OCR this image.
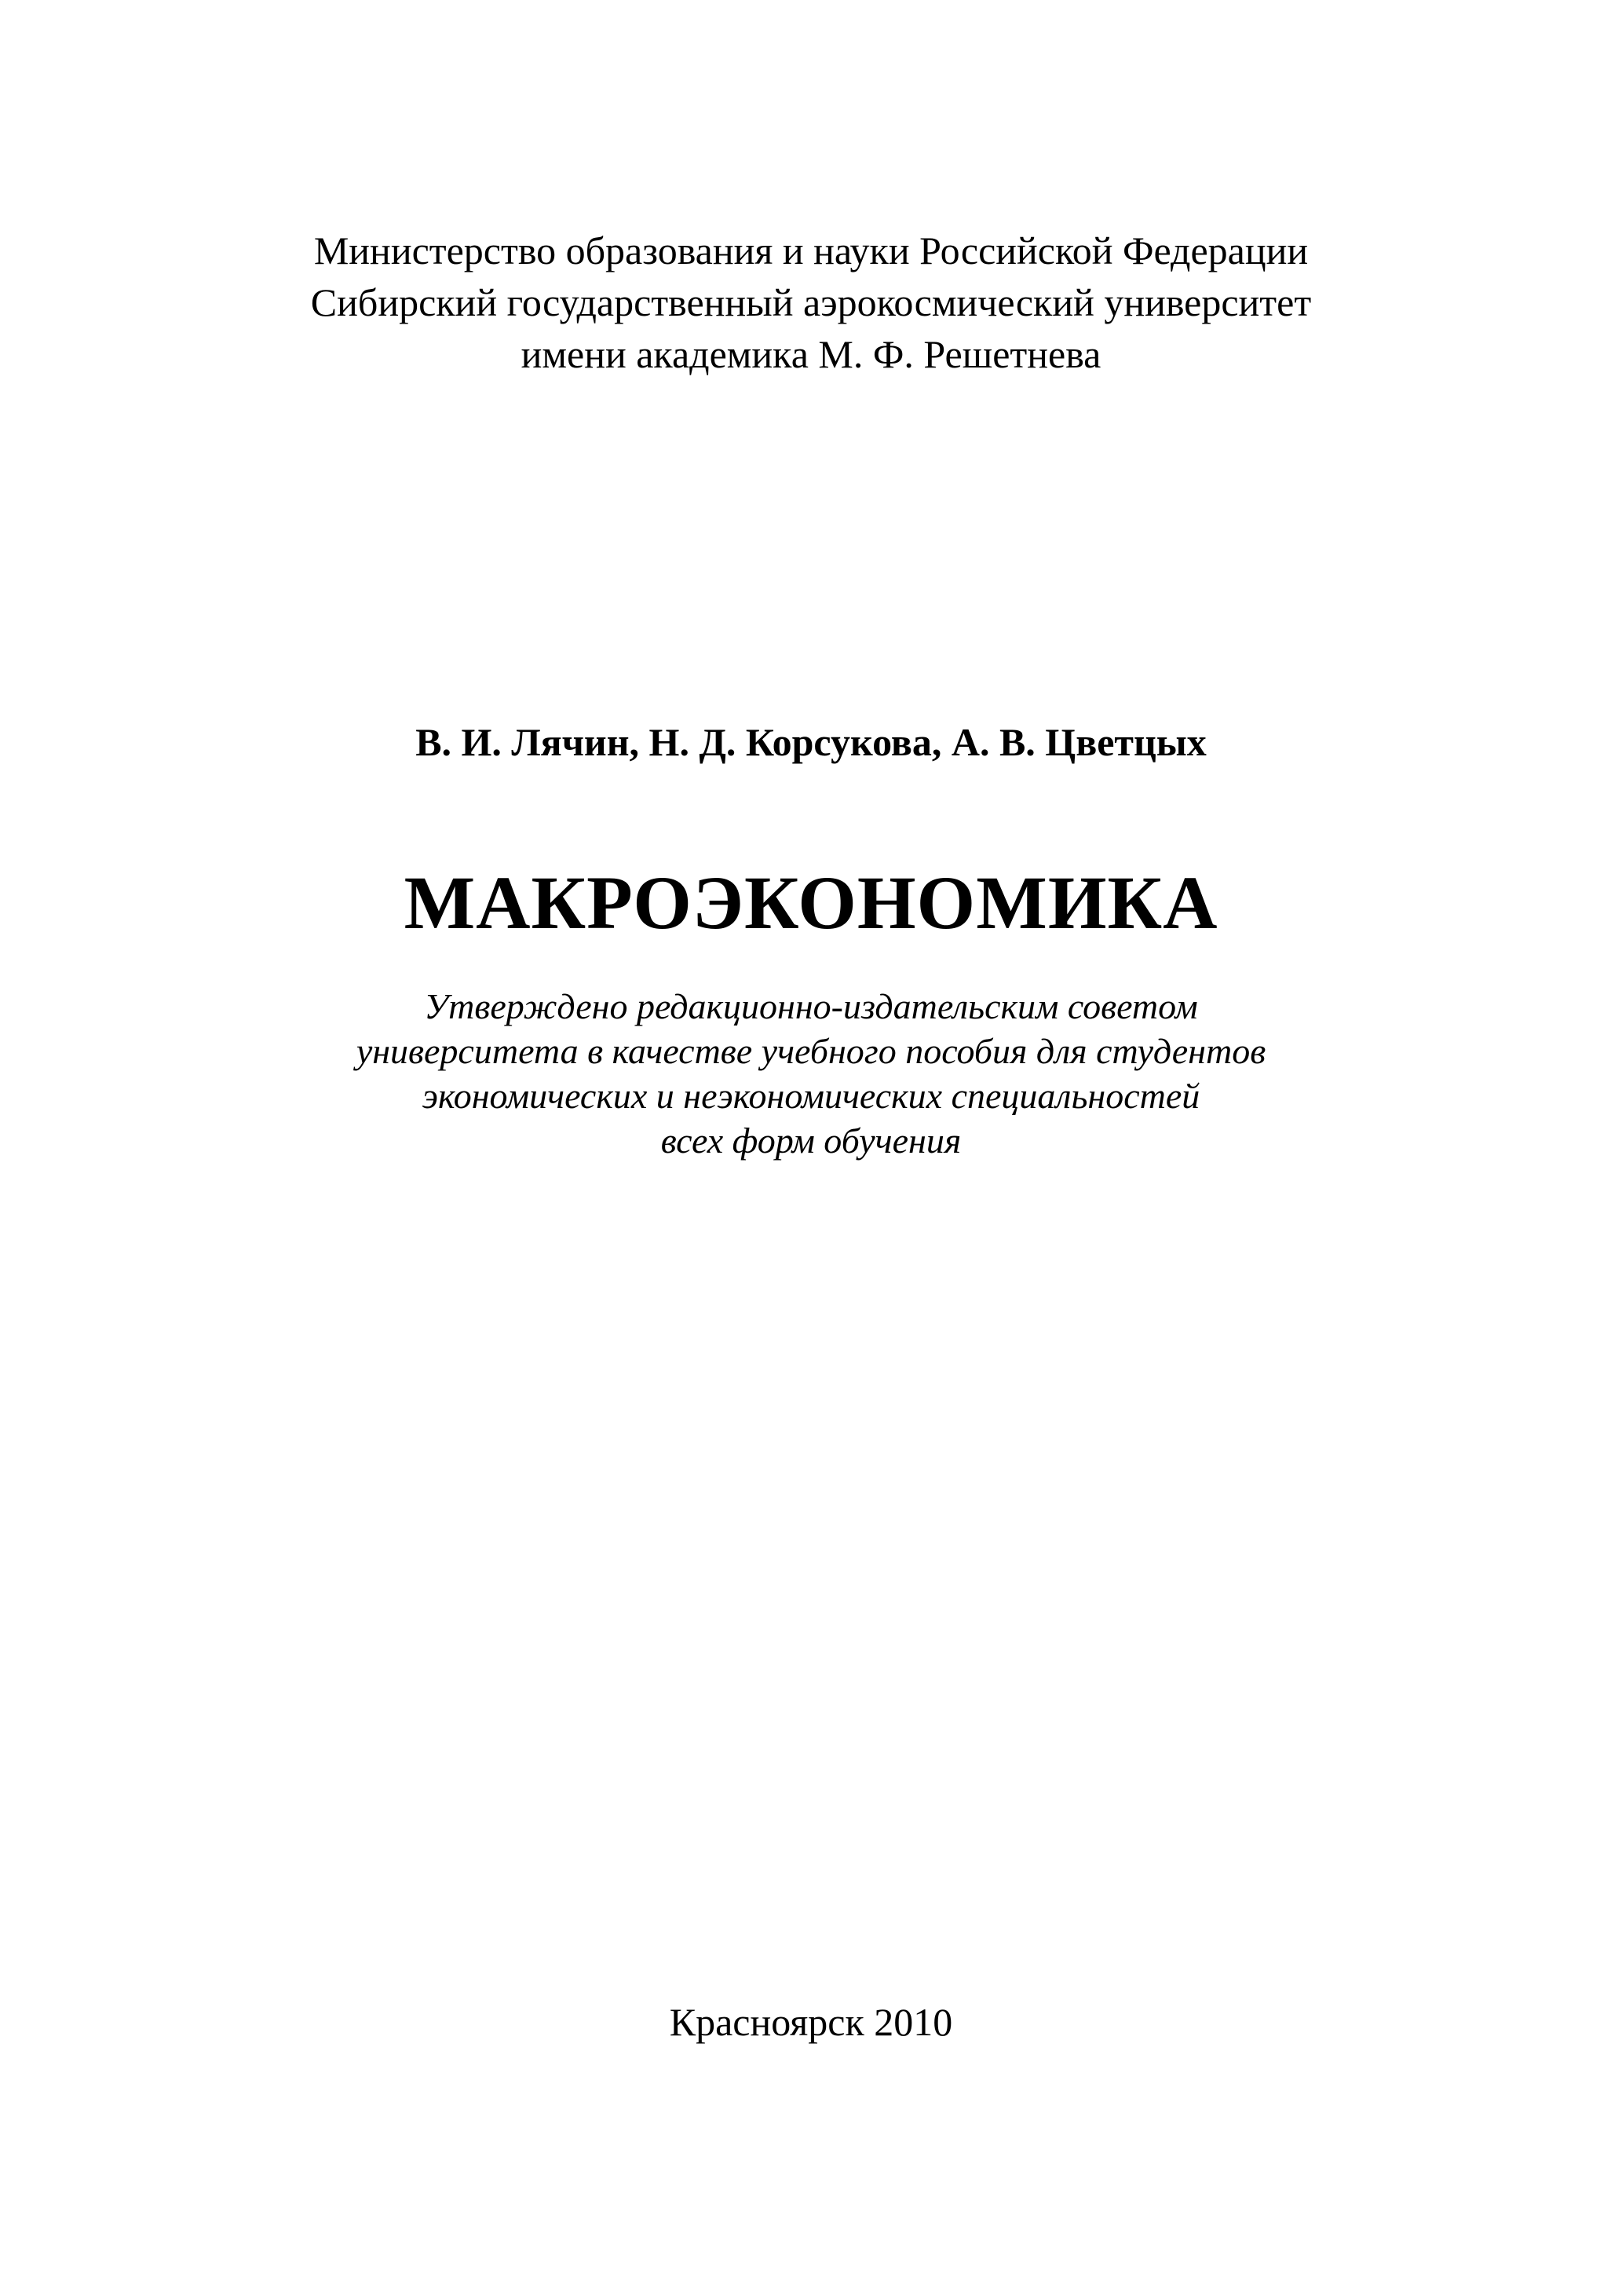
Министерство образования и науки Российской Федерации
Сибирский государственный аэрокосмический университет
имени академика М. Ф. Решетнева
В. И. Лячин, Н. Д. Корсукова, А. В. Цветцых
МАКРОЭКОНОМИКА
Утверждено редакционно-издательским советом
университета в качестве учебного пособия для студентов
экономических и неэкономических специальностей
всех форм обучения
Красноярск 2010
